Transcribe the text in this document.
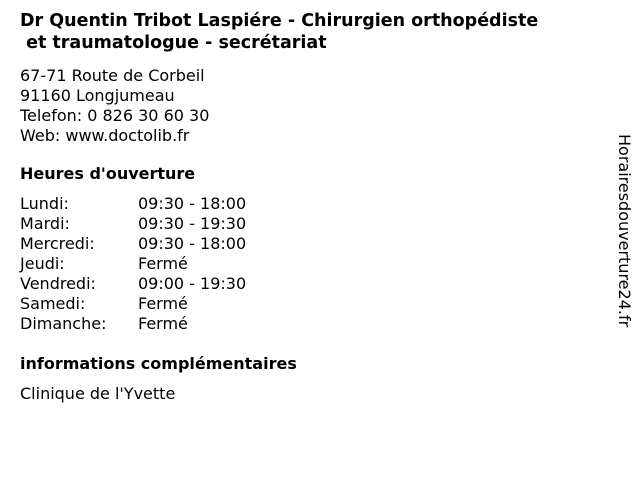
Dr Quentin Tribot Laspiére - Chirurgien orthopédiste
et traumatologue - secrétariat
67-71 Route de Corbeil
91160 Longjumeau
Telefon: 0 826 30 60 30
Web: www.doctolib.fr
Heures d'ouverture
Lundi:	09:30 - 18:00
Mardi:	09:30 - 19:30
Mercredi:	09:30 - 18:00
Jeudi:	Fermé
Vendredi:	09:00 - 19:30
Samedi:	Fermé
Dimanche:	Fermé
informations complémentaires
Clinique de l'Yvette
Horairesdouverture24.fr
